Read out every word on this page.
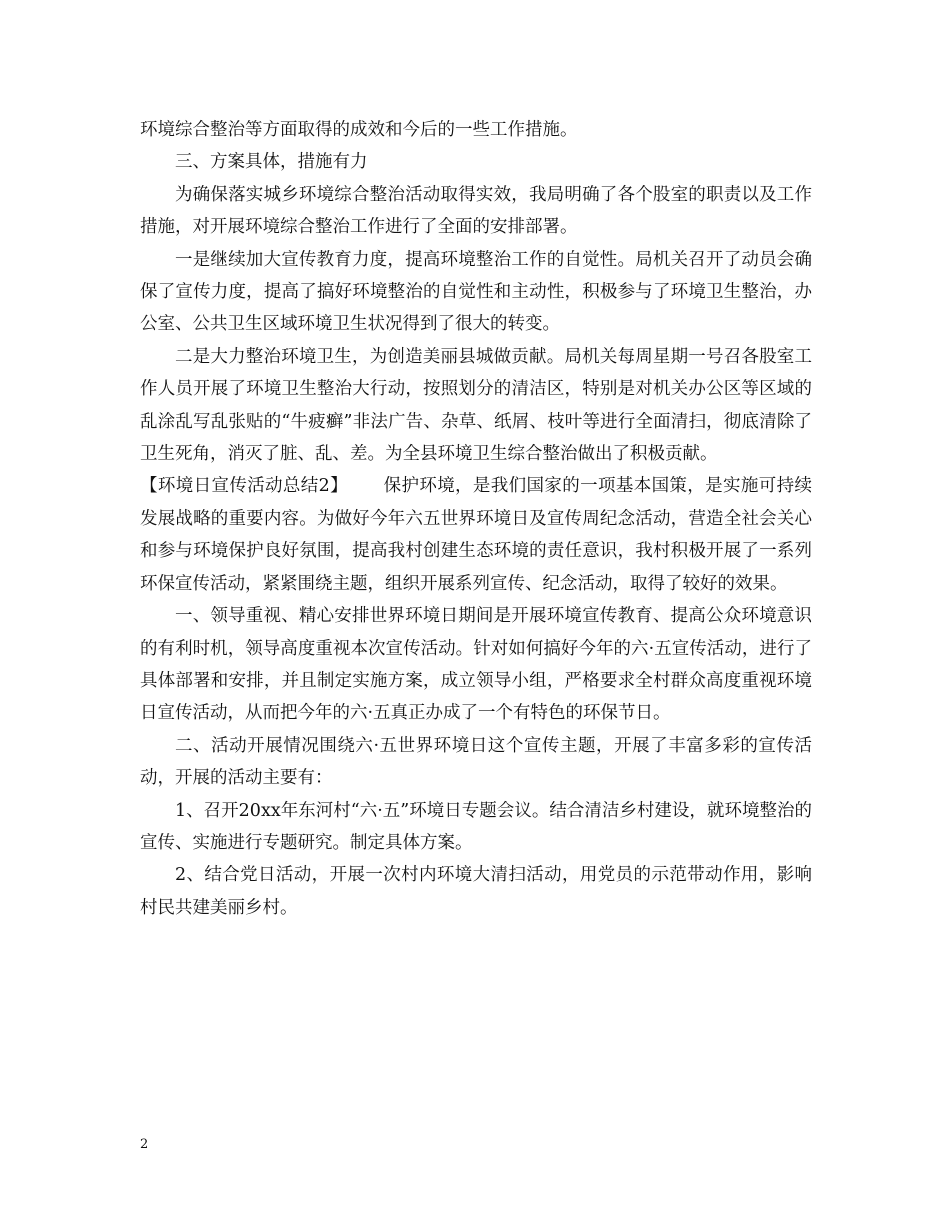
环境综合整治等方面取得的成效和今后的一些工作措施。

三、方案具体，措施有力

为确保落实城乡环境综合整治活动取得实效，我局明确了各个股室的职责以及工作措施，对开展环境综合整治工作进行了全面的安排部署。

一是继续加大宣传教育力度，提高环境整治工作的自觉性。局机关召开了动员会确保了宣传力度，提高了搞好环境整治的自觉性和主动性，积极参与了环境卫生整治，办公室、公共卫生区域环境卫生状况得到了很大的转变。

二是大力整治环境卫生，为创造美丽县城做贡献。局机关每周星期一号召各股室工作人员开展了环境卫生整治大行动，按照划分的清洁区，特别是对机关办公区等区域的乱涂乱写乱张贴的“牛疲癣”非法广告、杂草、纸屑、枝叶等进行全面清扫，彻底清除了卫生死角，消灭了脏、乱、差。为全县环境卫生综合整治做出了积极贡献。

【环境日宣传活动总结2】 保护环境，是我们国家的一项基本国策，是实施可持续发展战略的重要内容。为做好今年六五世界环境日及宣传周纪念活动，营造全社会关心和参与环境保护良好氛围，提高我村创建生态环境的责任意识，我村积极开展了一系列环保宣传活动，紧紧围绕主题，组织开展系列宣传、纪念活动，取得了较好的效果。

一、领导重视、精心安排世界环境日期间是开展环境宣传教育、提高公众环境意识的有利时机，领导高度重视本次宣传活动。针对如何搞好今年的六·五宣传活动，进行了具体部署和安排，并且制定实施方案，成立领导小组，严格要求全村群众高度重视环境日宣传活动，从而把今年的六·五真正办成了一个有特色的环保节日。

二、活动开展情况围绕六·五世界环境日这个宣传主题，开展了丰富多彩的宣传活动，开展的活动主要有：

1、召开20xx年东河村“六·五”环境日专题会议。结合清洁乡村建设，就环境整治的宣传、实施进行专题研究。制定具体方案。

2、结合党日活动，开展一次村内环境大清扫活动，用党员的示范带动作用，影响村民共建美丽乡村。

2
